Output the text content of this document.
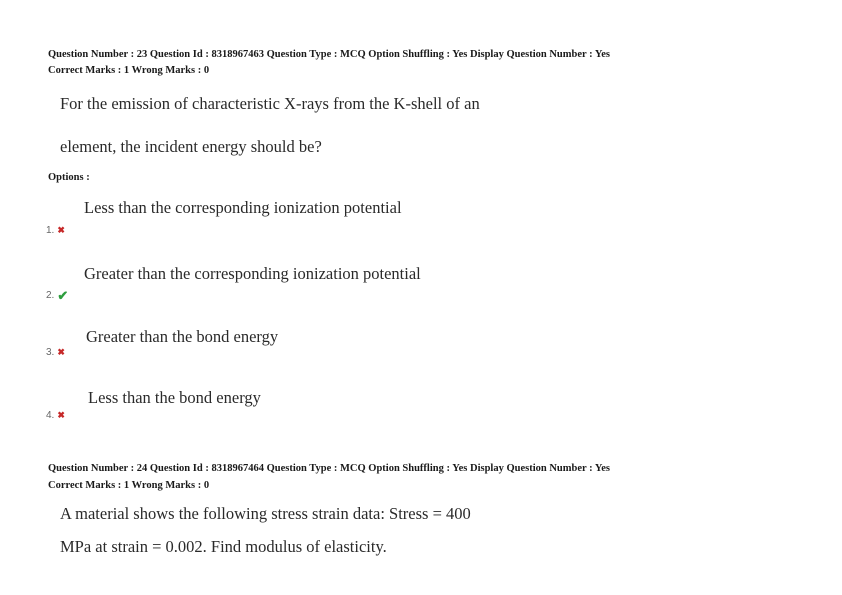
Question Number : 23 Question Id : 8318967463 Question Type : MCQ Option Shuffling : Yes Display Question Number : Yes
Correct Marks : 1 Wrong Marks : 0
For the emission of characteristic X-rays from the K-shell of an
element, the incident energy should be?
Options :
Less than the corresponding ionization potential
1. ✖
Greater than the corresponding ionization potential
2. ✔
Greater than the bond energy
3. ✖
Less than the bond energy
4. ✖
Question Number : 24 Question Id : 8318967464 Question Type : MCQ Option Shuffling : Yes Display Question Number : Yes
Correct Marks : 1 Wrong Marks : 0
A material shows the following stress strain data: Stress = 400
MPa at strain = 0.002. Find modulus of elasticity.
